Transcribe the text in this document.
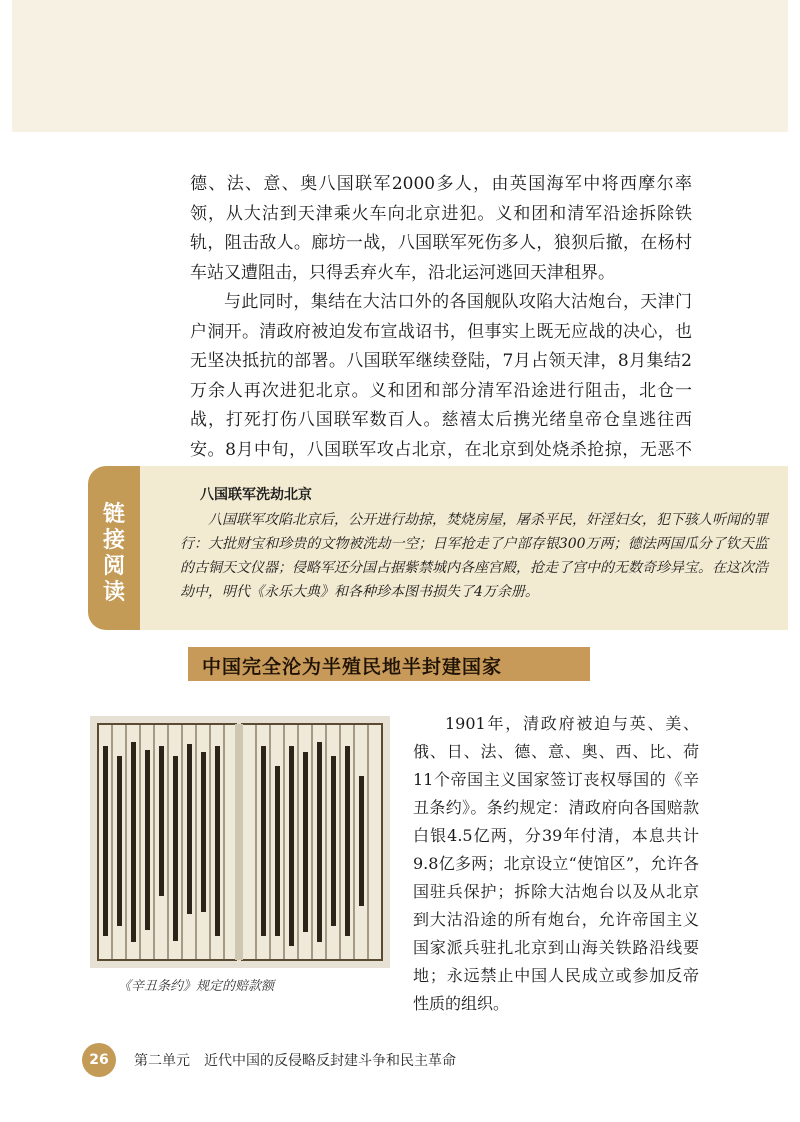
德、法、意、奥八国联军2000多人，由英国海军中将西摩尔率领，从大沽到天津乘火车向北京进犯。义和团和清军沿途拆除铁轨，阻击敌人。廊坊一战，八国联军死伤多人，狼狈后撤，在杨村车站又遭阻击，只得丢弃火车，沿北运河逃回天津租界。

与此同时，集结在大沽口外的各国舰队攻陷大沽炮台，天津门户洞开。清政府被迫发布宣战诏书，但事实上既无应战的决心，也无坚决抵抗的部署。八国联军继续登陆，7月占领天津，8月集结2万余人再次进犯北京。义和团和部分清军沿途进行阻击，北仓一战，打死打伤八国联军数百人。慈禧太后携光绪皇帝仓皇逃往西安。8月中旬，八国联军攻占北京，在北京到处烧杀抢掠，无恶不

链接阅读
八国联军洗劫北京

八国联军攻陷北京后，公开进行劫掠，焚烧房屋，屠杀平民，奸淫妇女，犯下骇人听闻的罪行：大批财宝和珍贵的文物被洗劫一空；日军抢走了户部存银300万两；德法两国瓜分了钦天监的古铜天文仪器；侵略军还分国占据紫禁城内各座宫殿，抢走了宫中的无数奇珍异宝。在这次浩劫中，明代《永乐大典》和各种珍本图书损失了4万余册。

中国完全沦为半殖民地半封建国家
《辛丑条约》规定的赔款额

1901年，清政府被迫与英、美、俄、日、法、德、意、奥、西、比、荷11个帝国主义国家签订丧权辱国的《辛丑条约》。条约规定：清政府向各国赔款白银4.5亿两，分39年付清，本息共计9.8亿多两；北京设立“使馆区”，允许各国驻兵保护；拆除大沽炮台以及从北京到大沽沿途的所有炮台，允许帝国主义国家派兵驻扎北京到山海关铁路沿线要地；永远禁止中国人民成立或参加反帝性质的组织。

26	第二单元　近代中国的反侵略反封建斗争和民主革命
